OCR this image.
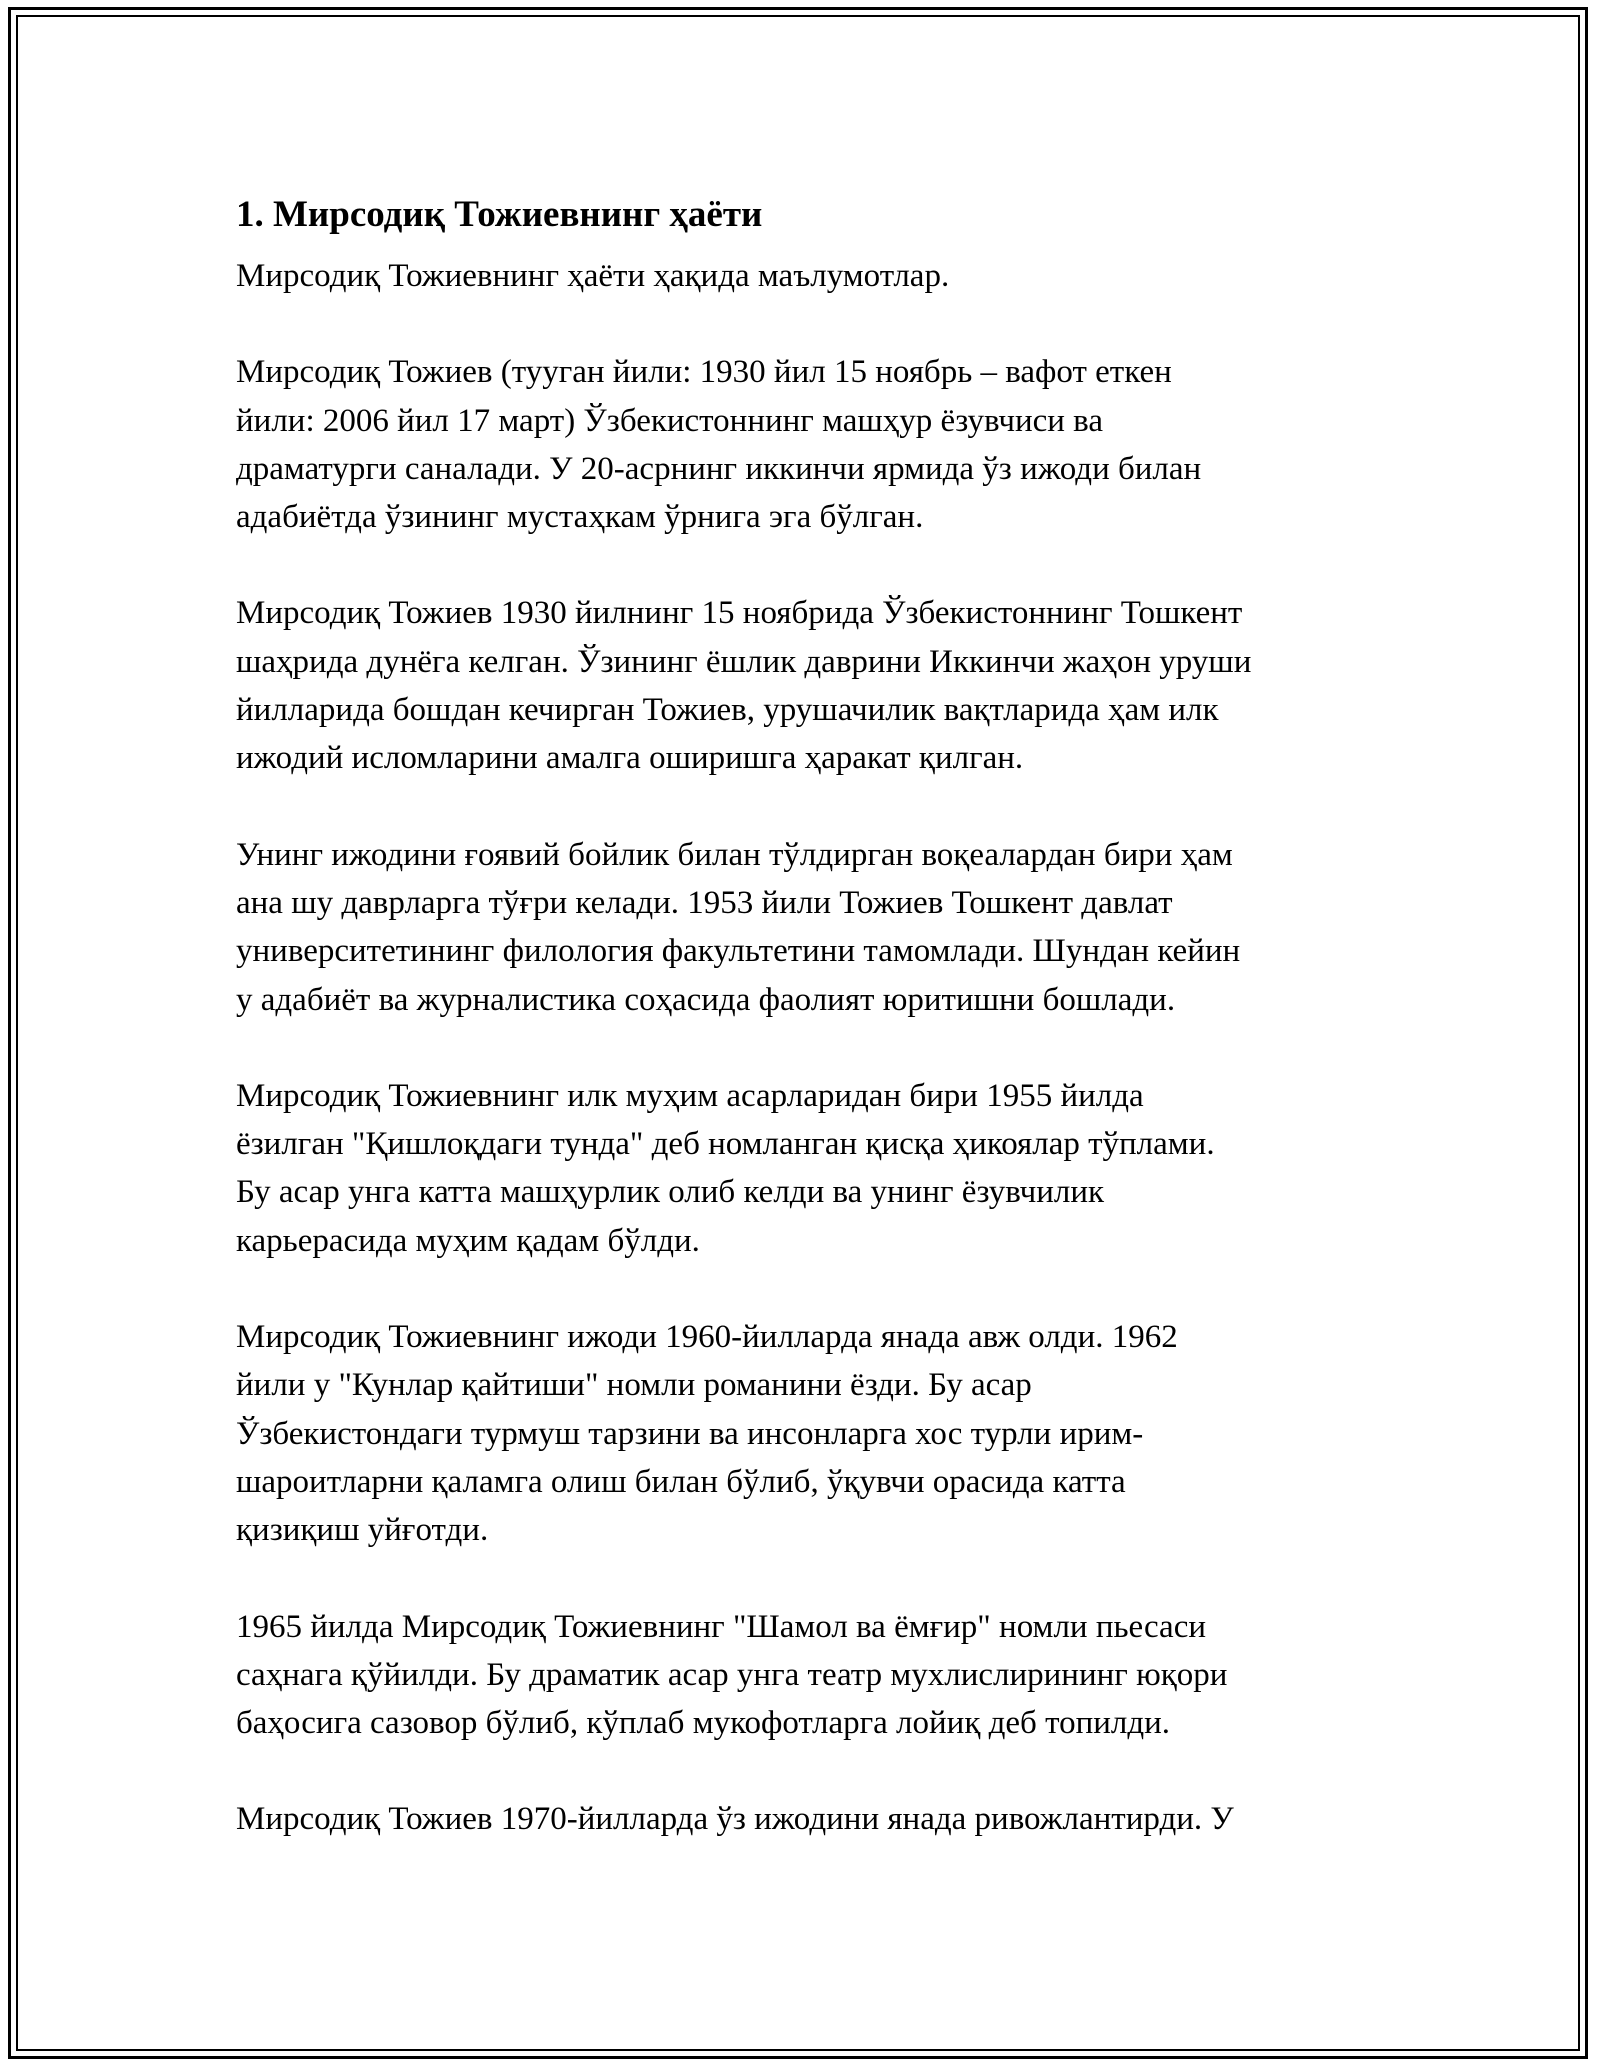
1. Мирсодиқ Тожиевнинг ҳаёти

Мирсодиқ Тожиевнинг ҳаёти ҳақида маълумотлар.

Мирсодиқ Тожиев (тууган йили: 1930 йил 15 ноябрь – вафот еткен
йили: 2006 йил 17 март) Ўзбекистоннинг машҳур ёзувчиси ва
драматурги саналади. У 20-асрнинг иккинчи ярмида ўз ижоди билан
адабиётда ўзининг мустаҳкам ўрнига эга бўлган.

Мирсодиқ Тожиев 1930 йилнинг 15 ноябрида Ўзбекистоннинг Тошкент
шаҳрида дунёга келган. Ўзининг ёшлик даврини Иккинчи жаҳон уруши
йилларида бошдан кечирган Тожиев, урушачилик вақтларида ҳам илк
ижодий исломларини амалга оширишга ҳаракат қилган.

Унинг ижодини ғоявий бойлик билан тўлдирган воқеалардан бири ҳам
ана шу даврларга тўғри келади. 1953 йили Тожиев Тошкент давлат
университетининг филология факультетини тамомлади. Шундан кейин
у адабиёт ва журналистика соҳасида фаолият юритишни бошлади.

Мирсодиқ Тожиевнинг илк муҳим асарларидан бири 1955 йилда
ёзилган "Қишлоқдаги тунда" деб номланган қисқа ҳикоялар тўплами.
Бу асар унга катта машҳурлик олиб келди ва унинг ёзувчилик
карьерасида муҳим қадам бўлди.

Мирсодиқ Тожиевнинг ижоди 1960-йилларда янада авж олди. 1962
йили у "Кунлар қайтиши" номли романини ёзди. Бу асар
Ўзбекистондаги турмуш тарзини ва инсонларга хос турли ирим-
шароитларни қаламга олиш билан бўлиб, ўқувчи орасида катта
қизиқиш уйғотди.

1965 йилда Мирсодиқ Тожиевнинг "Шамол ва ёмғир" номли пьесаси
саҳнага қўйилди. Бу драматик асар унга театр мухлислирининг юқори
баҳосига сазовор бўлиб, кўплаб мукофотларга лойиқ деб топилди.

Мирсодиқ Тожиев 1970-йилларда ўз ижодини янада ривожлантирди. У
